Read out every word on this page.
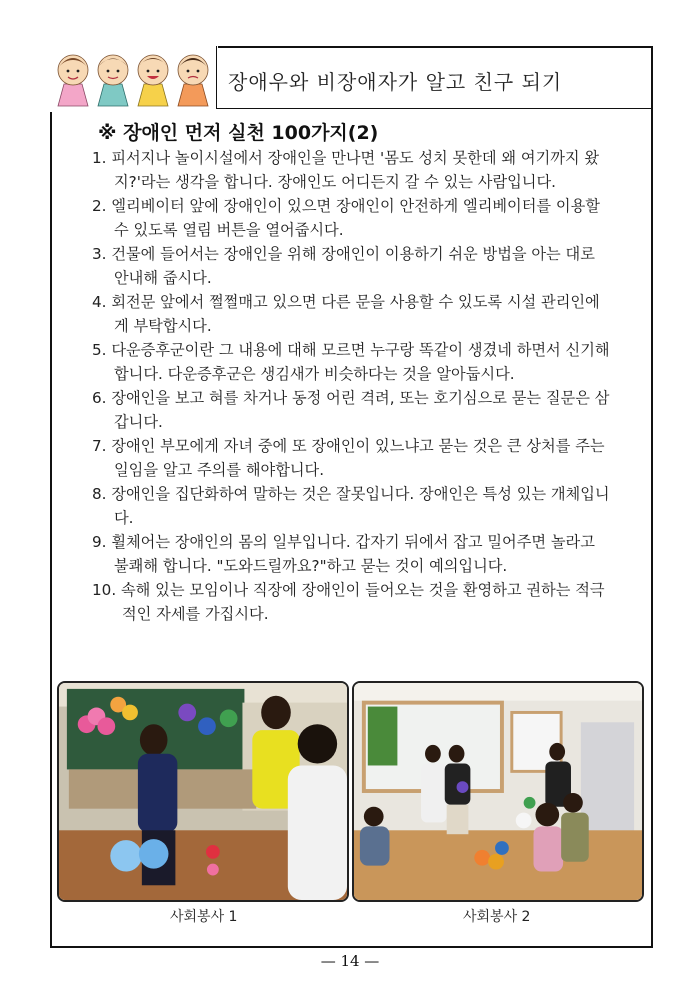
장애우와 비장애자가 알고 친구 되기
※ 장애인 먼저 실천 100가지(2)
1. 피서지나 놀이시설에서 장애인을 만나면 '몸도 성치 못한데 왜 여기까지 왔지?'라는 생각을 합니다. 장애인도 어디든지 갈 수 있는 사람입니다.
2. 엘리베이터 앞에 장애인이 있으면 장애인이 안전하게 엘리베이터를 이용할 수 있도록 열림 버튼을 열어줍시다.
3. 건물에 들어서는 장애인을 위해 장애인이 이용하기 쉬운 방법을 아는 대로 안내해 줍시다.
4. 회전문 앞에서 쩔쩔매고 있으면 다른 문을 사용할 수 있도록 시설 관리인에게 부탁합시다.
5. 다운증후군이란 그 내용에 대해 모르면 누구랑 똑같이 생겼네 하면서 신기해합니다. 다운증후군은 생김새가 비슷하다는 것을 알아둡시다.
6. 장애인을 보고 혀를 차거나 동정 어린 격려, 또는 호기심으로 묻는 질문은 삼갑니다.
7. 장애인 부모에게 자녀 중에 또 장애인이 있느냐고 묻는 것은 큰 상처를 주는 일임을 알고 주의를 해야합니다.
8. 장애인을 집단화하여 말하는 것은 잘못입니다. 장애인은 특성 있는 개체입니다.
9. 휠체어는 장애인의 몸의 일부입니다. 갑자기 뒤에서 잡고 밀어주면 놀라고 불쾌해 합니다. "도와드릴까요?"하고 묻는 것이 예의입니다.
10. 속해 있는 모임이나 직장에 장애인이 들어오는 것을 환영하고 권하는 적극적인 자세를 가집시다.
사회봉사 1	사회봉사 2
— 14 —
